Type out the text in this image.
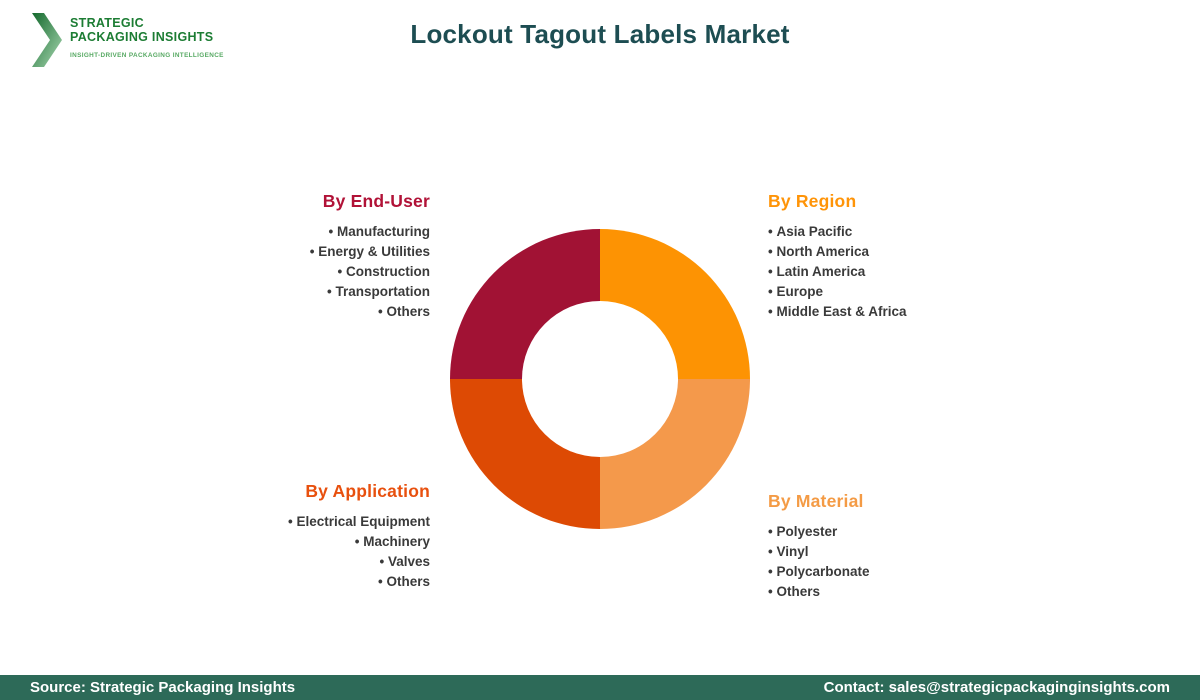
STRATEGIC
PACKAGING INSIGHTS
INSIGHT-DRIVEN PACKAGING INTELLIGENCE
Lockout Tagout Labels Market
By End-User
• Manufacturing
• Energy & Utilities
• Construction
• Transportation
• Others
By Region
• Asia Pacific
• North America
• Latin America
• Europe
• Middle East & Africa
By Application
• Electrical Equipment
• Machinery
• Valves
• Others
By Material
• Polyester
• Vinyl
• Polycarbonate
• Others
Source: Strategic Packaging Insights	Contact: sales@strategicpackaginginsights.com
